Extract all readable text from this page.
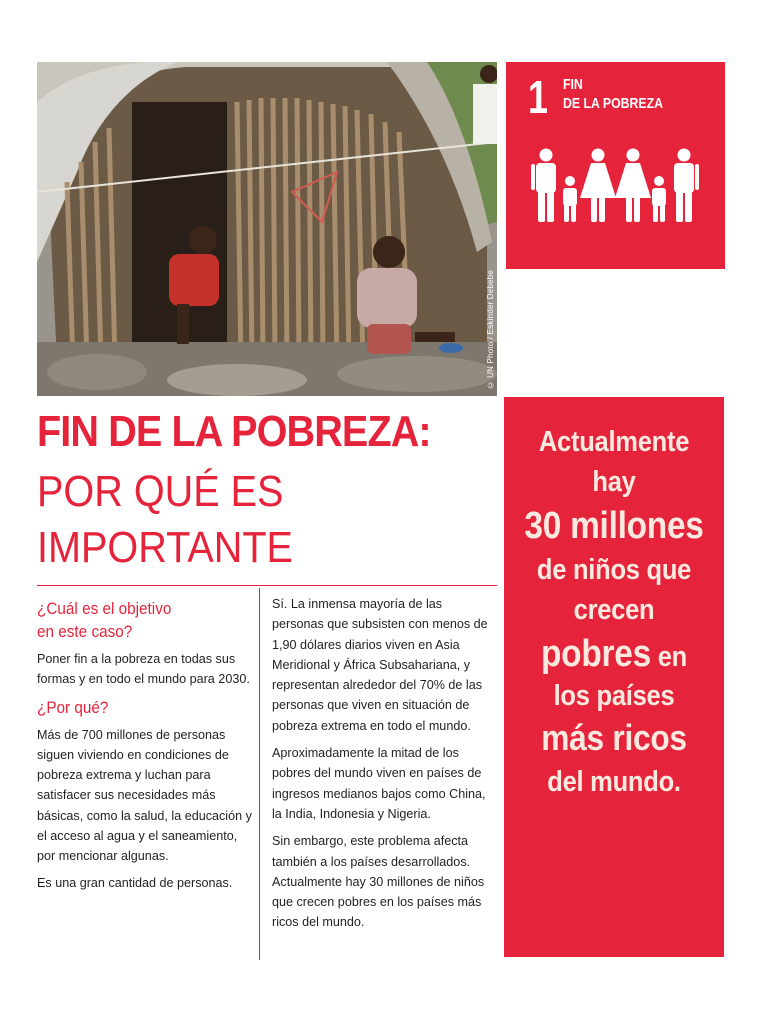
© UN Photo / Eskinder Debebe
1 FIN
DE LA POBREZA
FIN DE LA POBREZA:
POR QUÉ ES
IMPORTANTE
¿Cuál es el objetivo
en este caso?

Poner fin a la pobreza en todas sus formas y en todo el mundo para 2030.

¿Por qué?

Más de 700 millones de personas siguen viviendo en condiciones de pobreza extrema y luchan para satisfacer sus necesidades más básicas, como la salud, la educación y el acceso al agua y el saneamiento, por mencionar algunas.

Es una gran cantidad de personas.

Sí. La inmensa mayoría de las personas que subsisten con menos de 1,90 dólares diarios viven en Asia Meridional y África Subsahariana, y representan alrededor del 70% de las personas que viven en situación de pobreza extrema en todo el mundo.

Aproximadamente la mitad de los pobres del mundo viven en países de ingresos medianos bajos como China, la India, Indonesia y Nigeria.

Sin embargo, este problema afecta también a los países desarrollados. Actualmente hay 30 millones de niños que crecen pobres en los países más ricos del mundo.

Actualmente
hay
30 millones
de niños que
crecen
pobres en
los países
más ricos
del mundo.
